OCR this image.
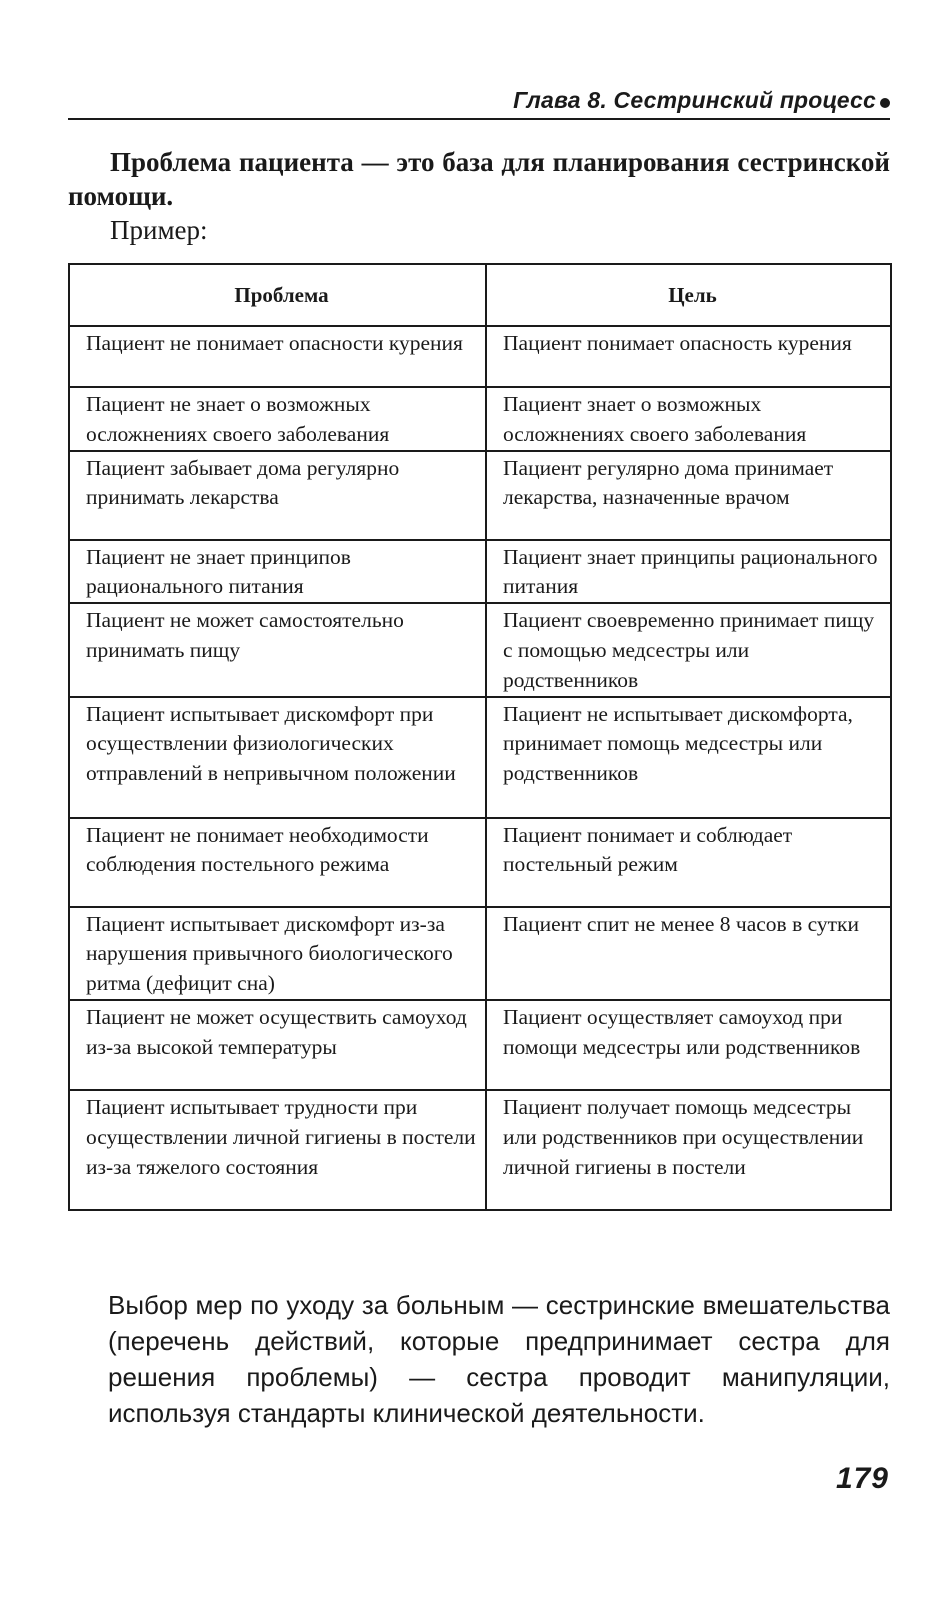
Глава 8. Сестринский процесс

Проблема пациента — это база для планирования сестринской помощи.

Пример:

Проблема	Цель
Пациент не понимает опасности курения	Пациент понимает опасность курения
Пациент не знает о возможных осложнениях своего заболевания	Пациент знает о возможных осложнениях своего заболевания
Пациент забывает дома регулярно принимать лекарства	Пациент регулярно дома принимает лекарства, назначенные врачом
Пациент не знает принципов рационального питания	Пациент знает принципы рационального питания
Пациент не может самостоятельно принимать пищу	Пациент своевременно принимает пищу с помощью медсестры или родственников
Пациент испытывает дискомфорт при осуществлении физиологических отправлений в непривычном положении	Пациент не испытывает дискомфорта, принимает помощь медсестры или родственников
Пациент не понимает необходимости соблюдения постельного режима	Пациент понимает и соблюдает постельный режим
Пациент испытывает дискомфорт из-за нарушения привычного биологического ритма (дефицит сна)	Пациент спит не менее 8 часов в сутки
Пациент не может осуществить самоуход из-за высокой температуры	Пациент осуществляет самоуход при помощи медсестры или родственников
Пациент испытывает трудности при осуществлении личной гигиены в постели из-за тяжелого состояния	Пациент получает помощь медсестры или родственников при осуществлении личной гигиены в постели

Выбор мер по уходу за больным — сестринские вмешательства (перечень действий, которые предпринимает сестра для решения проблемы) — сестра проводит манипуляции, используя стандарты клинической деятельности.

179
